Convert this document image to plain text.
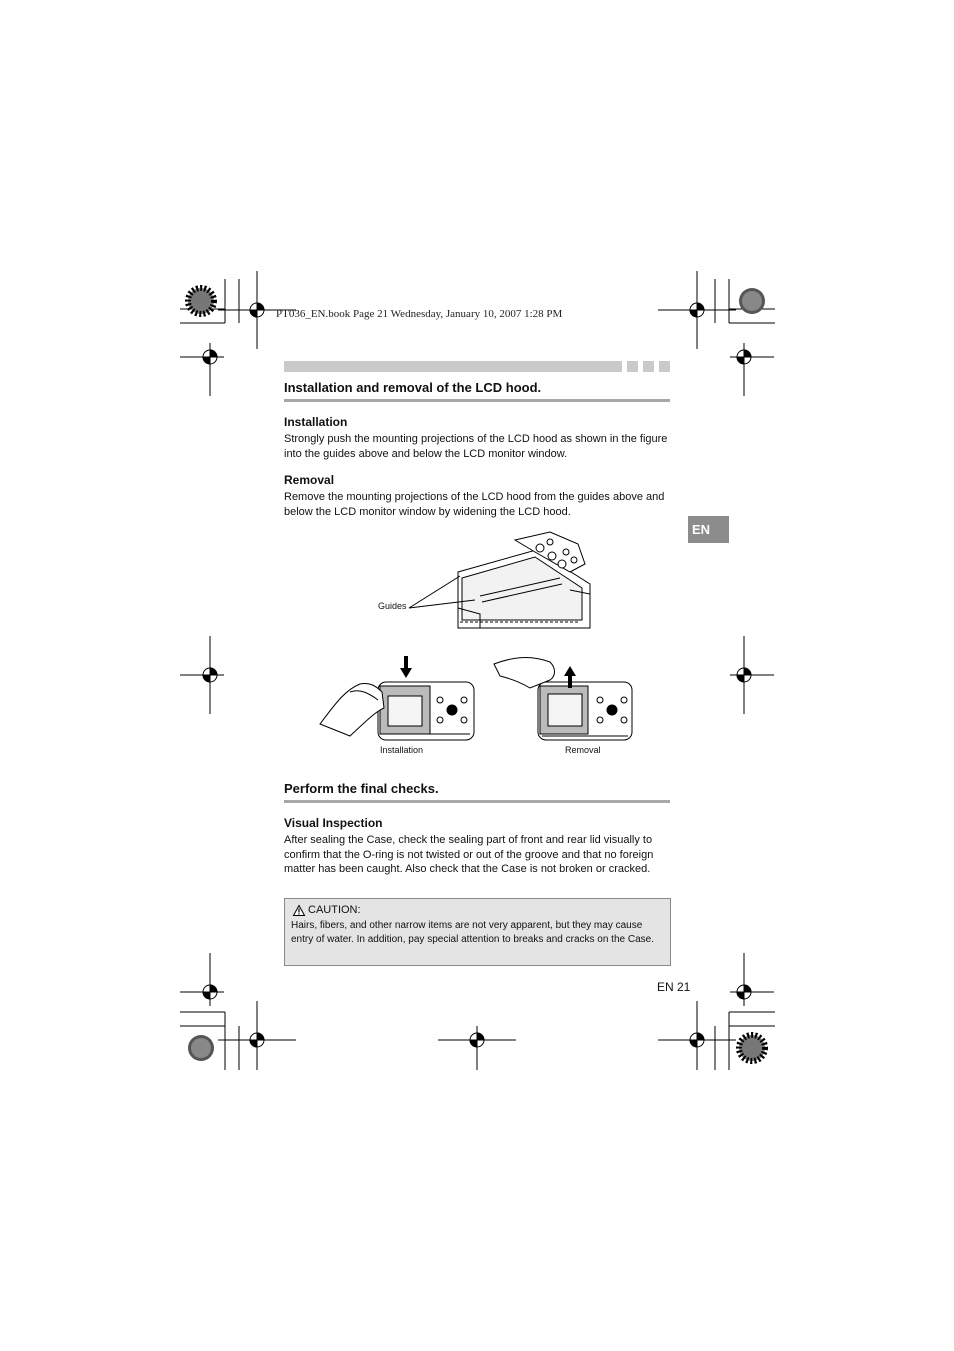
PT036_EN.book Page 21 Wednesday, January 10, 2007 1:28 PM
Installation and removal of the LCD hood.
Installation
Strongly push the mounting projections of the LCD hood as shown in the figure into the guides above and below the LCD monitor window.
Removal
Remove the mounting projections of the LCD hood from the guides above and below the LCD monitor window by widening the LCD hood.
EN
Guides
Installation	Removal
Perform the final checks.
Visual Inspection
After sealing the Case, check the sealing part of front and rear lid visually to confirm that the O-ring is not twisted or out of the groove and that no foreign matter has been caught. Also check that the Case is not broken or cracked.
CAUTION:
Hairs, fibers, and other narrow items are not very apparent, but they may cause entry of water. In addition, pay special attention to breaks and cracks on the Case.
EN 21
